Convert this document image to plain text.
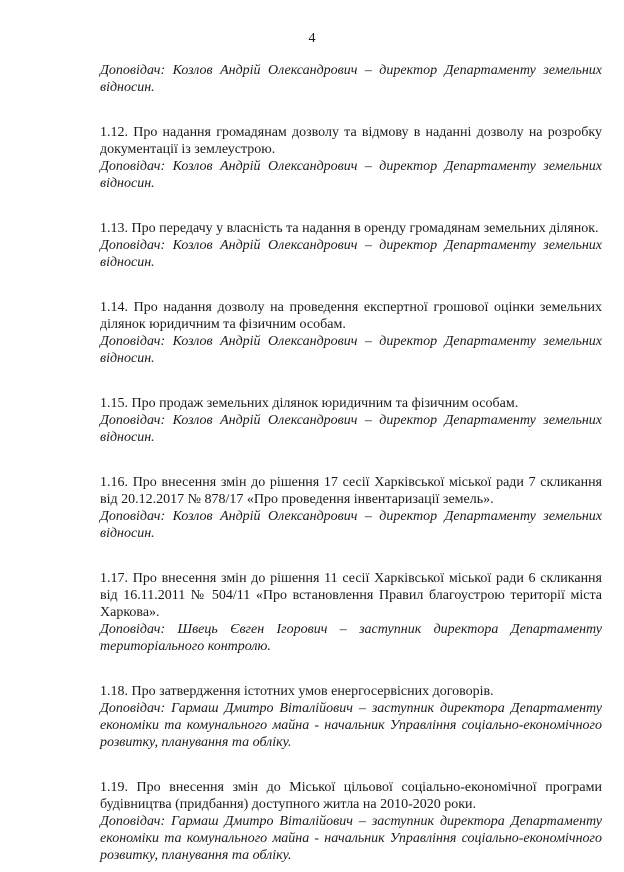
4

Доповідач: Козлов Андрій Олександрович – директор Департаменту земельних відносин.

1.12. Про надання громадянам дозволу та відмову в наданні дозволу на розробку документації із землеустрою.

Доповідач: Козлов Андрій Олександрович – директор Департаменту земельних відносин.

1.13. Про передачу у власність та надання в оренду громадянам земельних ділянок.

Доповідач: Козлов Андрій Олександрович – директор Департаменту земельних відносин.

1.14. Про надання дозволу на проведення експертної грошової оцінки земельних ділянок юридичним та фізичним особам.

Доповідач: Козлов Андрій Олександрович – директор Департаменту земельних відносин.

1.15. Про продаж земельних ділянок юридичним та фізичним особам.

Доповідач: Козлов Андрій Олександрович – директор Департаменту земельних відносин.

1.16. Про внесення змін до рішення 17 сесії Харківської міської ради 7 скликання від 20.12.2017 № 878/17 «Про проведення інвентаризації земель».

Доповідач: Козлов Андрій Олександрович – директор Департаменту земельних відносин.

1.17. Про внесення змін до рішення 11 сесії Харківської міської ради 6 скликання від 16.11.2011 № 504/11 «Про встановлення Правил благоустрою території міста Харкова».

Доповідач: Швець Євген Ігорович – заступник директора Департаменту територіального контролю.

1.18. Про затвердження істотних умов енергосервісних договорів.

Доповідач: Гармаш Дмитро Віталійович – заступник директора Департаменту економіки та комунального майна - начальник Управління соціально-економічного розвитку, планування та обліку.

1.19. Про внесення змін до Міської цільової соціально-економічної програми будівництва (придбання) доступного житла на 2010-2020 роки.

Доповідач: Гармаш Дмитро Віталійович – заступник директора Департаменту економіки та комунального майна - начальник Управління соціально-економічного розвитку, планування та обліку.
